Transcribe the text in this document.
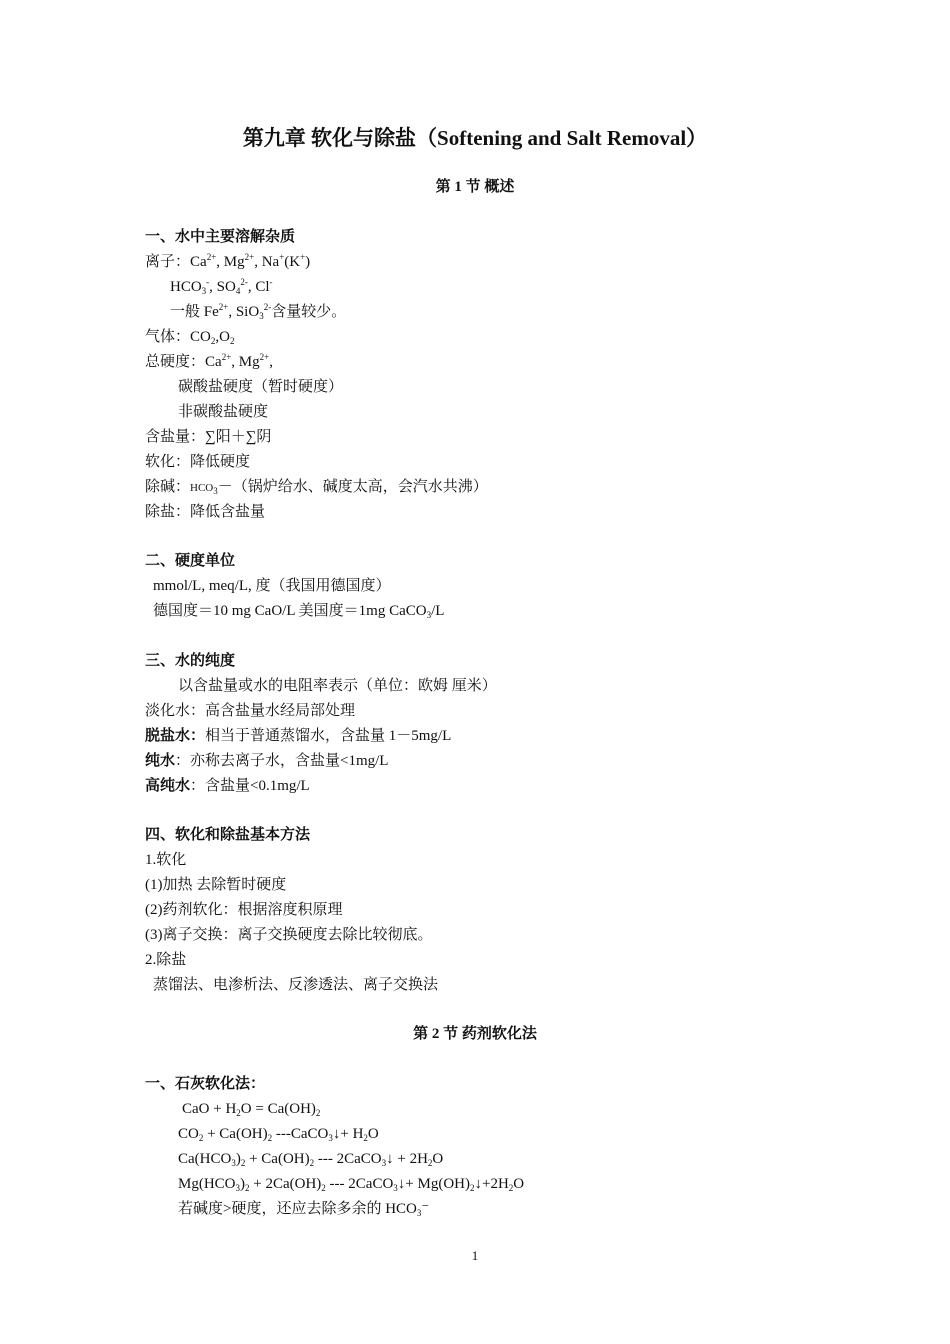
第九章 软化与除盐（Softening and Salt Removal）
第 1 节 概述
一、水中主要溶解杂质
离子：$Ca^{2+}$, $Mg^{2+}$, Na+(K+)
$HCO_3^-$, $SO_4^{2-}$, Cl-
一般 $Fe^{2+}$, SiO$_3^{2-}$含量较少。
气体：$CO_2,O_2$
总硬度：$Ca^{2+}$, $Mg^{2+}$,
碳酸盐硬度（暂时硬度）
非碳酸盐硬度
含盐量：∑阳＋∑阴
软化：降低硬度
除碱：$HCO_3-$（锅炉给水、碱度太高，会汽水共沸）
除盐：降低含盐量
二、硬度单位
mmol/L, meq/L, 度（我国用德国度）
德国度＝10 mg CaO/L 美国度＝1mg CaCO$_3$/L
三、水的纯度
以含盐量或水的电阻率表示（单位：欧姆 厘米）
淡化水：高含盐量水经局部处理
脱盐水：相当于普通蒸馏水，含盐量 1－5mg/L
纯水：亦称去离子水，含盐量<1mg/L
高纯水：含盐量<0.1mg/L
四、软化和除盐基本方法
1.软化
(1)加热 去除暂时硬度
(2)药剂软化：根据溶度积原理
(3)离子交换：离子交换硬度去除比较彻底。
2.除盐
蒸馏法、电渗析法、反渗透法、离子交换法
第 2 节 药剂软化法
一、石灰软化法：
CaO + $H_2O = Ca(OH)_2$
$CO_2 + Ca(OH)_2$ ---CaCO$_3$↓+ $H_2O$
$Ca(HCO_3)_2 + Ca(OH)_2$ --- 2CaCO$_3$↓ + $2H_2O$
$Mg(HCO_3)_2 + 2Ca(OH)_2$ --- 2CaCO$_3$↓+ $Mg(OH)_2↓+2H_2O$
若碱度>硬度，还应去除多余的 $HCO_3^-$
1
